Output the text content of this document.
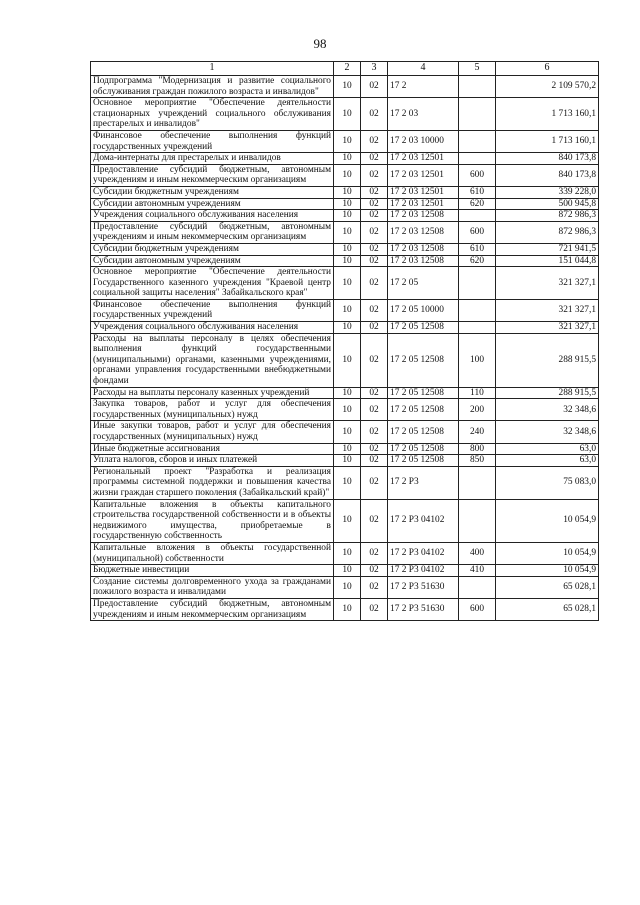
98
1	2	3	4	5	6
Подпрограмма "Модернизация и развитие социального обслуживания граждан пожилого возраста и инвалидов"	10	02	17 2		2 109 570,2
Основное мероприятие "Обеспечение деятельности стационарных учреждений социального обслуживания престарелых и инвалидов"	10	02	17 2 03		1 713 160,1
Финансовое обеспечение выполнения функций государственных учреждений	10	02	17 2 03 10000		1 713 160,1
Дома-интернаты для престарелых и инвалидов	10	02	17 2 03 12501		840 173,8
Предоставление субсидий бюджетным, автономным учреждениям и иным некоммерческим организациям	10	02	17 2 03 12501	600	840 173,8
Субсидии бюджетным учреждениям	10	02	17 2 03 12501	610	339 228,0
Субсидии автономным учреждениям	10	02	17 2 03 12501	620	500 945,8
Учреждения социального обслуживания населения	10	02	17 2 03 12508		872 986,3
Предоставление субсидий бюджетным, автономным учреждениям и иным некоммерческим организациям	10	02	17 2 03 12508	600	872 986,3
Субсидии бюджетным учреждениям	10	02	17 2 03 12508	610	721 941,5
Субсидии автономным учреждениям	10	02	17 2 03 12508	620	151 044,8
Основное мероприятие "Обеспечение деятельности Государственного казенного учреждения "Краевой центр социальной защиты населения" Забайкальского края"	10	02	17 2 05		321 327,1
Финансовое обеспечение выполнения функций государственных учреждений	10	02	17 2 05 10000		321 327,1
Учреждения социального обслуживания населения	10	02	17 2 05 12508		321 327,1
Расходы на выплаты персоналу в целях обеспечения выполнения функций государственными (муниципальными) органами, казенными учреждениями, органами управления государственными внебюджетными фондами	10	02	17 2 05 12508	100	288 915,5
Расходы на выплаты персоналу казенных учреждений	10	02	17 2 05 12508	110	288 915,5
Закупка товаров, работ и услуг для обеспечения государственных (муниципальных) нужд	10	02	17 2 05 12508	200	32 348,6
Иные закупки товаров, работ и услуг для обеспечения государственных (муниципальных) нужд	10	02	17 2 05 12508	240	32 348,6
Иные бюджетные ассигнования	10	02	17 2 05 12508	800	63,0
Уплата налогов, сборов и иных платежей	10	02	17 2 05 12508	850	63,0
Региональный проект "Разработка и реализация программы системной поддержки и повышения качества жизни граждан старшего поколения (Забайкальский край)"	10	02	17 2 Р3		75 083,0
Капитальные вложения в объекты капитального строительства государственной собственности и в объекты недвижимого имущества, приобретаемые в государственную собственность	10	02	17 2 Р3 04102		10 054,9
Капитальные вложения в объекты государственной (муниципальной) собственности	10	02	17 2 Р3 04102	400	10 054,9
Бюджетные инвестиции	10	02	17 2 Р3 04102	410	10 054,9
Создание системы долговременного ухода за гражданами пожилого возраста и инвалидами	10	02	17 2 Р3 51630		65 028,1
Предоставление субсидий бюджетным, автономным учреждениям и иным некоммерческим организациям	10	02	17 2 Р3 51630	600	65 028,1
